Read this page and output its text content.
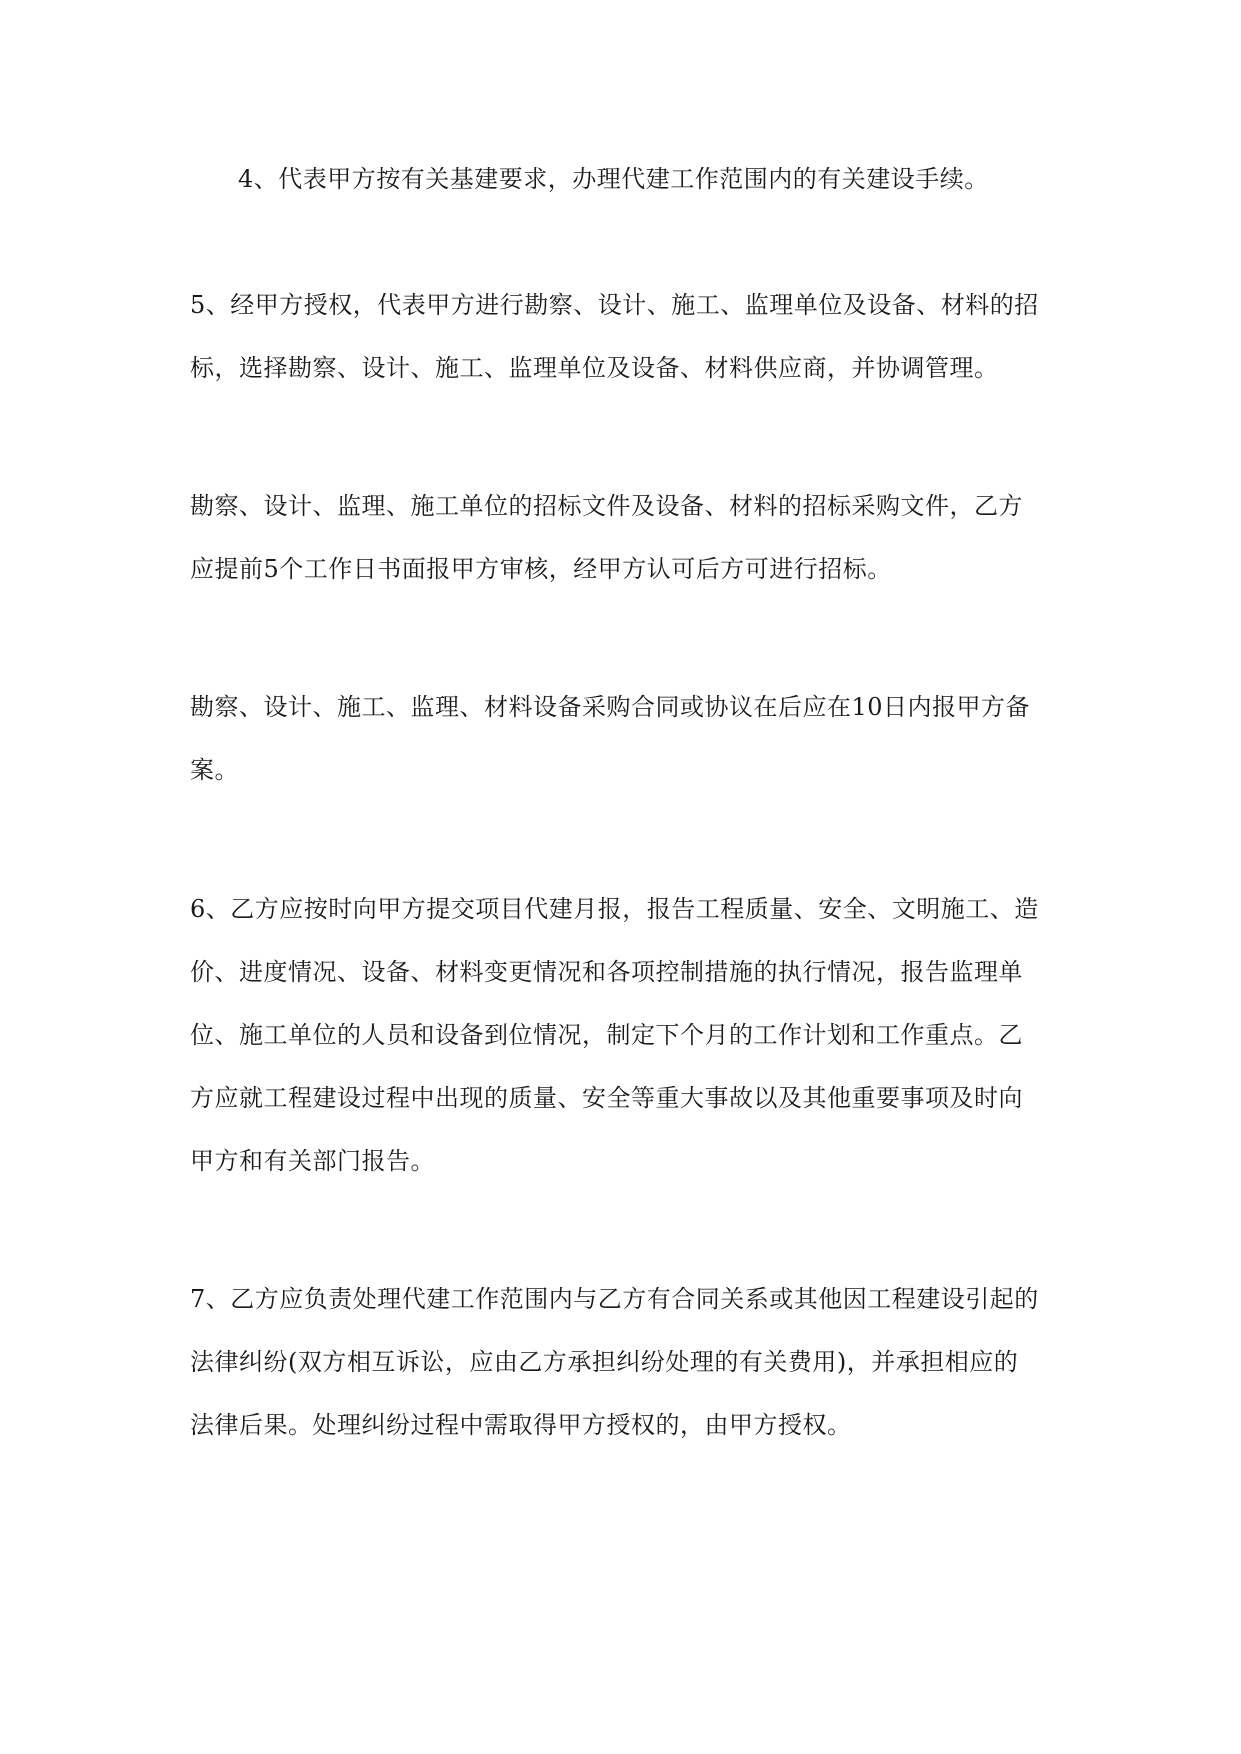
4、代表甲方按有关基建要求，办理代建工作范围内的有关建设手续。

5、经甲方授权，代表甲方进行勘察、设计、施工、监理单位及设备、材料的招
标，选择勘察、设计、施工、监理单位及设备、材料供应商，并协调管理。

勘察、设计、监理、施工单位的招标文件及设备、材料的招标采购文件，乙方
应提前5个工作日书面报甲方审核，经甲方认可后方可进行招标。

勘察、设计、施工、监理、材料设备采购合同或协议在后应在10日内报甲方备
案。

6、乙方应按时向甲方提交项目代建月报，报告工程质量、安全、文明施工、造
价、进度情况、设备、材料变更情况和各项控制措施的执行情况，报告监理单
位、施工单位的人员和设备到位情况，制定下个月的工作计划和工作重点。乙
方应就工程建设过程中出现的质量、安全等重大事故以及其他重要事项及时向
甲方和有关部门报告。

7、乙方应负责处理代建工作范围内与乙方有合同关系或其他因工程建设引起的
法律纠纷(双方相互诉讼，应由乙方承担纠纷处理的有关费用)，并承担相应的
法律后果。处理纠纷过程中需取得甲方授权的，由甲方授权。
